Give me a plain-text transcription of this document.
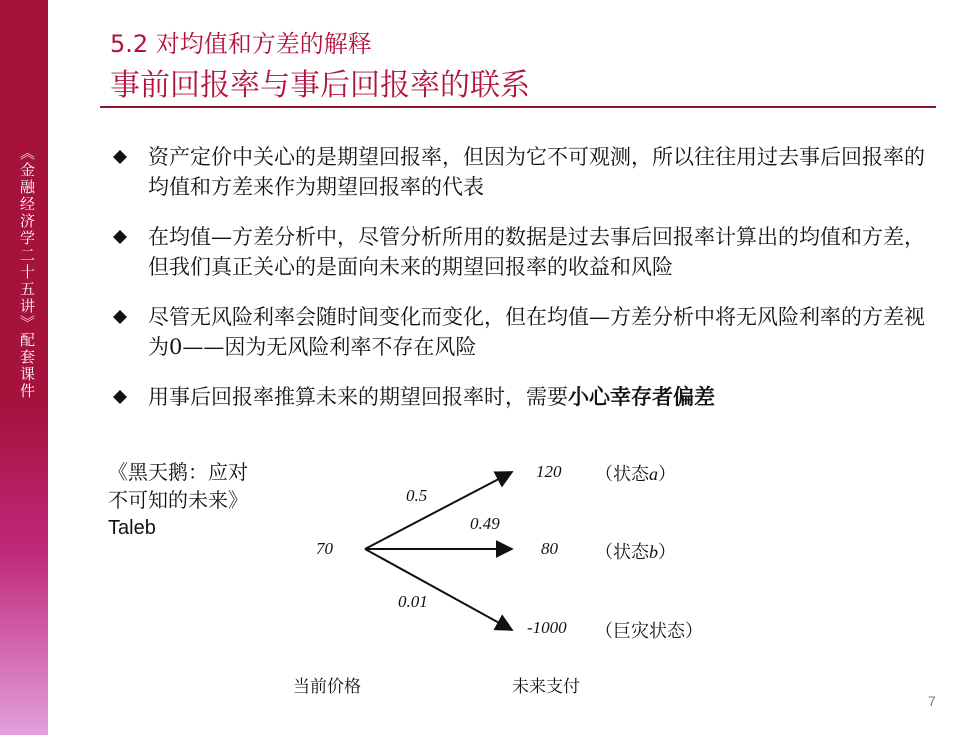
《金融经济学二十五讲》配套课件
5.2 对均值和方差的解释
事前回报率与事后回报率的联系
资产定价中关心的是期望回报率，但因为它不可观测，所以往往用过去事后回报率的均值和方差来作为期望回报率的代表
在均值—方差分析中，尽管分析所用的数据是过去事后回报率计算出的均值和方差，但我们真正关心的是面向未来的期望回报率的收益和风险
尽管无风险利率会随时间变化而变化，但在均值—方差分析中将无风险利率的方差视为0——因为无风险利率不存在风险
用事后回报率推算未来的期望回报率时，需要小心幸存者偏差
《黑天鹅：应对
不可知的未来》
Taleb
70
0.5
0.49
0.01
120
80
-1000
（状态a）
（状态b）
（巨灾状态）
当前价格	未来支付
7
